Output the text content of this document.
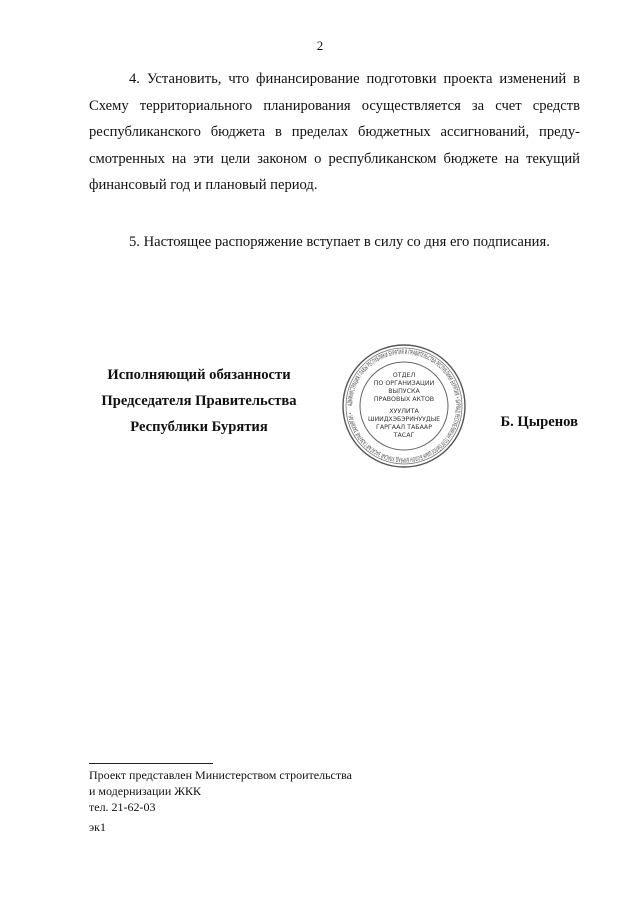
2
4. Установить, что финансирование подготовки проекта изменений в
Схему территориального планирования осуществляется за счет средств
республиканского бюджета в пределах бюджетных ассигнований, преду-
смотренных на эти цели законом о республиканском бюджете на текущий
финансовый год и плановый период.
5. Настоящее распоряжение вступает в силу со дня его подписания.
Исполняющий обязанности
Председателя Правительства
Республики Бурятия
АДМИНИСТРАЦИЯ ГЛАВЫ РЕСПУБЛИКИ БУРЯТИЯ И ПРАВИТЕЛЬСТВА РЕСПУБЛИКИ БУРЯТИЯ • БУРЯАД РЕСПУБЛИКЫН ТОЛГОЙЛОГШЫН БОЛОН БУРЯАД УЛАСАЙ ЗАСАГАЙ ГАЗАРАЙ ЗАХИРГАН •
ОТДЕЛ
ПО ОРГАНИЗАЦИИ
ВЫПУСКА
ПРАВОВЫХ АКТОВ
ХУУЛИТА
ШИИДХЭБЭРИНУУДЫЕ
ГАРГААЛ ТАБААР
ТАСАГ
Б. Цыренов
Проект представлен Министерством строительства
и модернизации ЖКК
тел. 21-62-03
эк1
